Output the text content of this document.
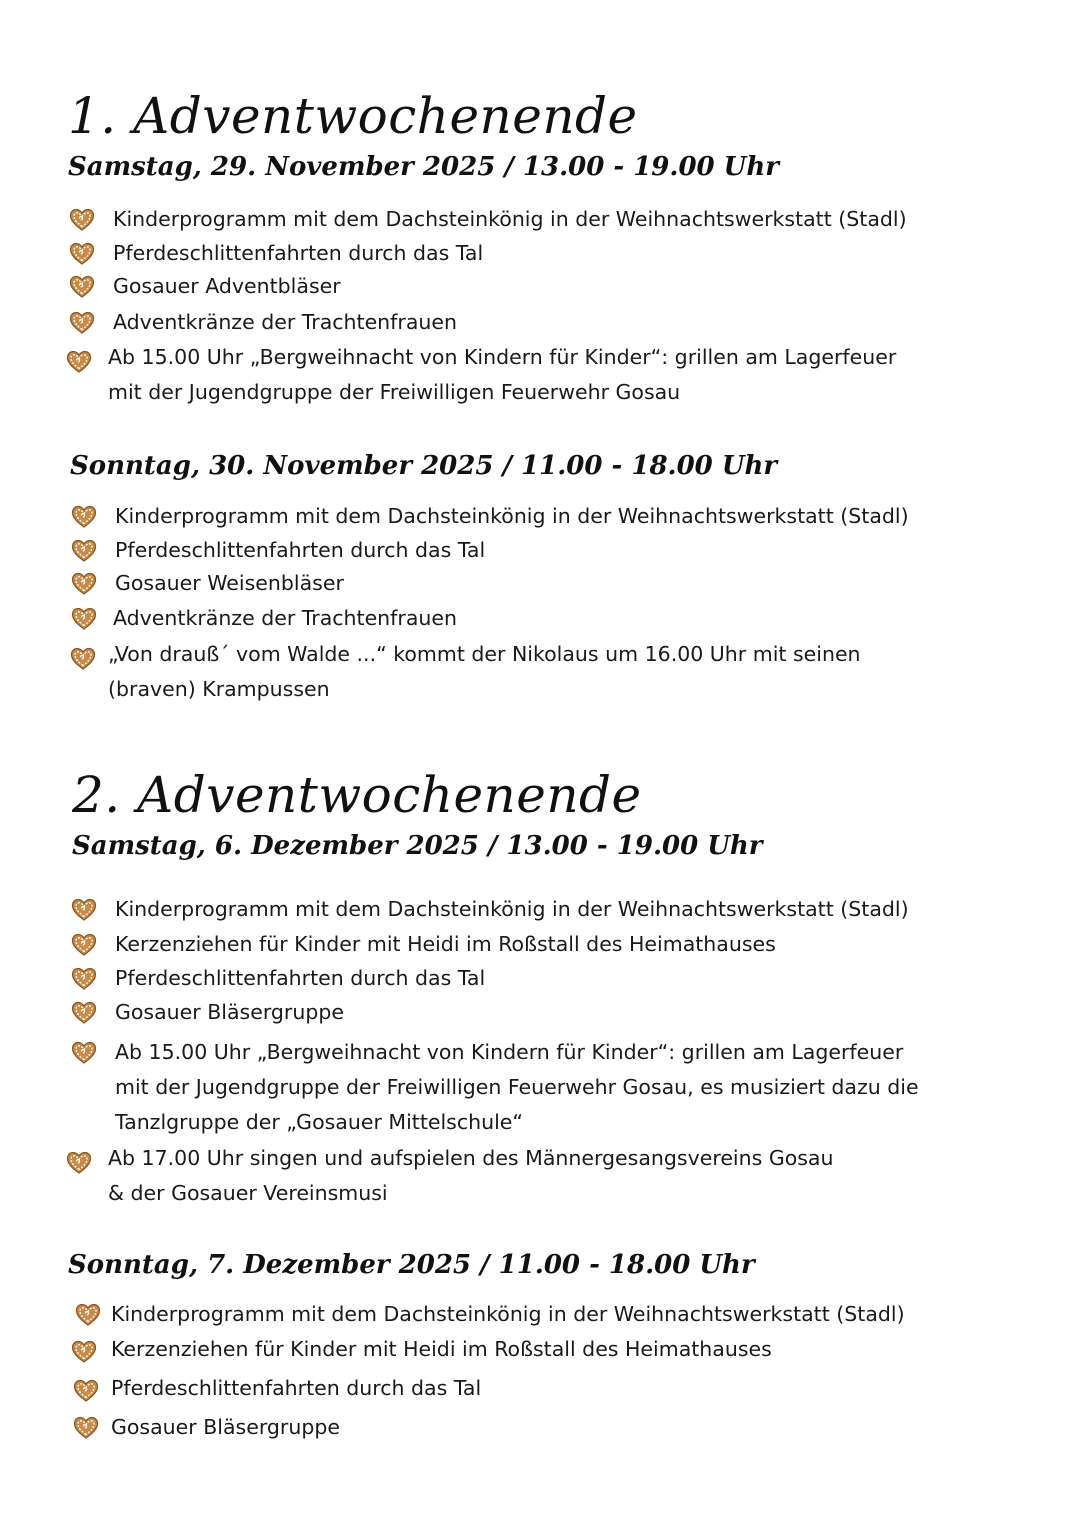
1. Adventwochenende
Samstag, 29. November 2025 / 13.00 - 19.00 Uhr
Kinderprogramm mit dem Dachsteinkönig in der Weihnachtswerkstatt (Stadl)
Pferdeschlittenfahrten durch das Tal
Gosauer Adventbläser
Adventkränze der Trachtenfrauen
Ab 15.00 Uhr „Bergweihnacht von Kindern für Kinder“: grillen am Lagerfeuer
mit der Jugendgruppe der Freiwilligen Feuerwehr Gosau
Sonntag, 30. November 2025 / 11.00 - 18.00 Uhr
Kinderprogramm mit dem Dachsteinkönig in der Weihnachtswerkstatt (Stadl)
Pferdeschlittenfahrten durch das Tal
Gosauer Weisenbläser
Adventkränze der Trachtenfrauen
„Von drauß´ vom Walde ...“ kommt der Nikolaus um 16.00 Uhr mit seinen
(braven) Krampussen
2. Adventwochenende
Samstag, 6. Dezember 2025 / 13.00 - 19.00 Uhr
Kinderprogramm mit dem Dachsteinkönig in der Weihnachtswerkstatt (Stadl)
Kerzenziehen für Kinder mit Heidi im Roßstall des Heimathauses
Pferdeschlittenfahrten durch das Tal
Gosauer Bläsergruppe
Ab 15.00 Uhr „Bergweihnacht von Kindern für Kinder“: grillen am Lagerfeuer
mit der Jugendgruppe der Freiwilligen Feuerwehr Gosau, es musiziert dazu die
Tanzlgruppe der „Gosauer Mittelschule“
Ab 17.00 Uhr singen und aufspielen des Männergesangsvereins Gosau
& der Gosauer Vereinsmusi
Sonntag, 7. Dezember 2025 / 11.00 - 18.00 Uhr
Kinderprogramm mit dem Dachsteinkönig in der Weihnachtswerkstatt (Stadl)
Kerzenziehen für Kinder mit Heidi im Roßstall des Heimathauses
Pferdeschlittenfahrten durch das Tal
Gosauer Bläsergruppe
